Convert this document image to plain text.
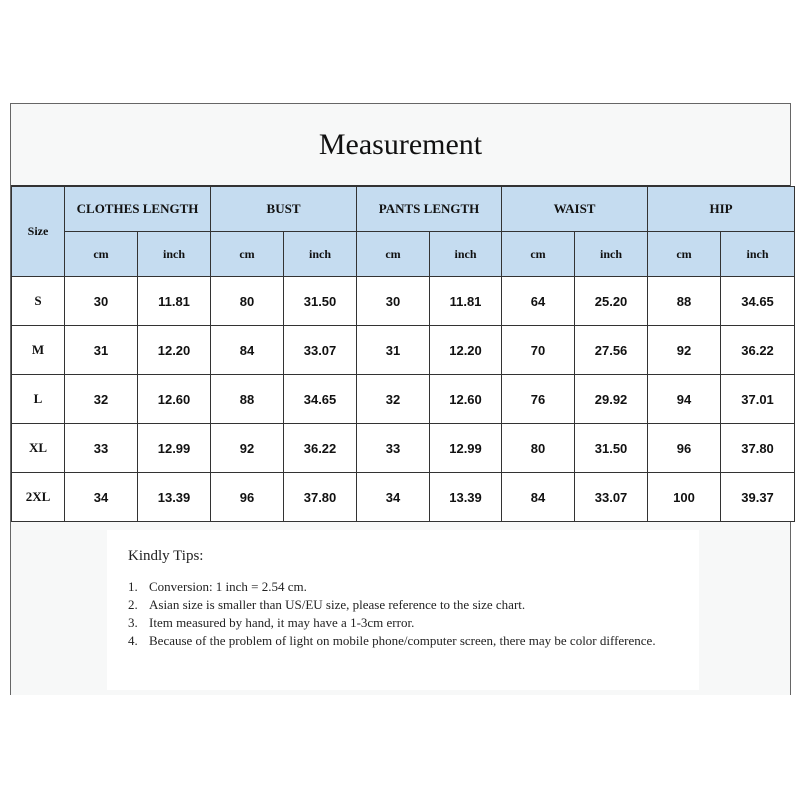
Measurement
Size	CLOTHES LENGTH		BUST		PANTS LENGTH		WAIST		HIP	
	cm	inch	cm	inch	cm	inch	cm	inch	cm	inch
S	30	11.81	80	31.50	30	11.81	64	25.20	88	34.65
M	31	12.20	84	33.07	31	12.20	70	27.56	92	36.22
L	32	12.60	88	34.65	32	12.60	76	29.92	94	37.01
XL	33	12.99	92	36.22	33	12.99	80	31.50	96	37.80
2XL	34	13.39	96	37.80	34	13.39	84	33.07	100	39.37
Kindly Tips:
1. Conversion: 1 inch = 2.54 cm.
2. Asian size is smaller than US/EU size, please reference to the size chart.
3. Item measured by hand, it may have a 1-3cm error.
4. Because of the problem of light on mobile phone/computer screen, there may be color difference.
